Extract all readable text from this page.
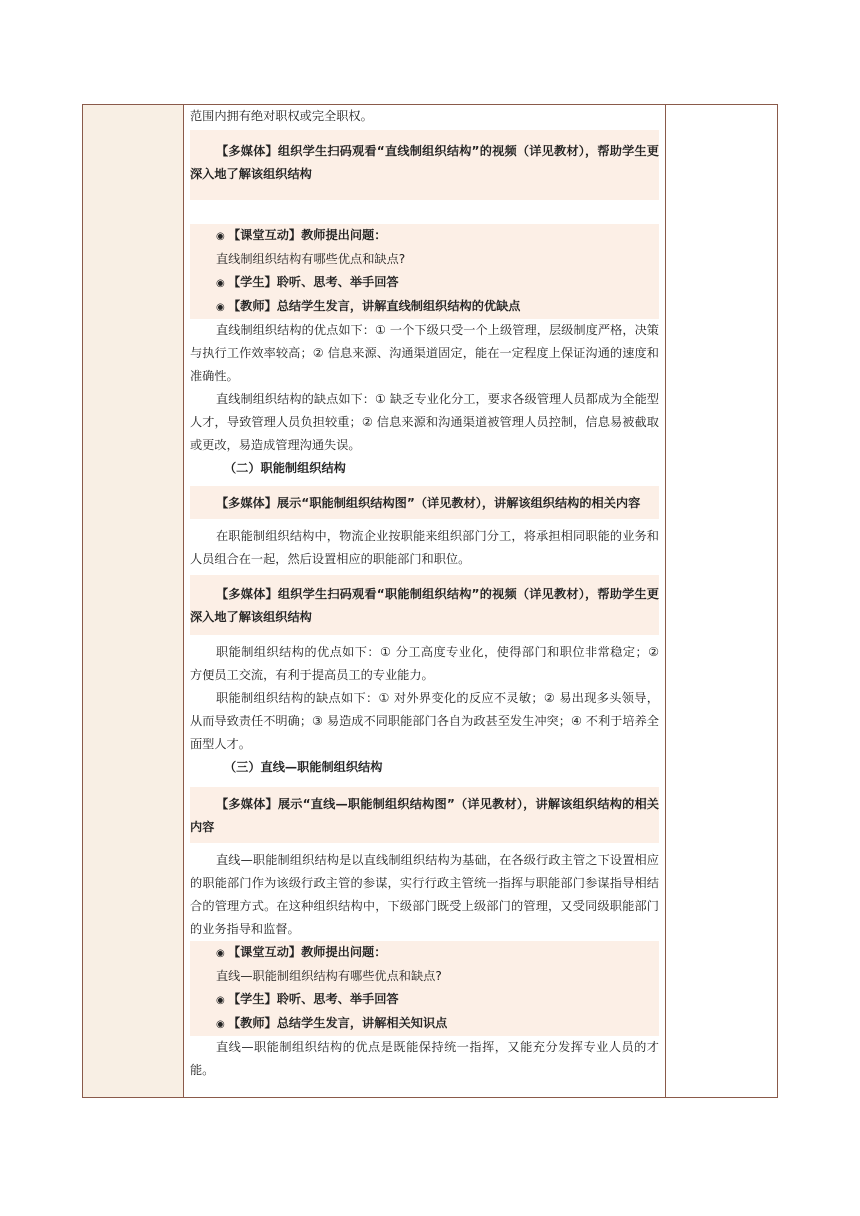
范围内拥有绝对职权或完全职权。

【多媒体】组织学生扫码观看“直线制组织结构”的视频（详见教材），帮助学生更深入地了解该组织结构

◉ 【课堂互动】教师提出问题：
直线制组织结构有哪些优点和缺点?
◉ 【学生】聆听、思考、举手回答
◉ 【教师】总结学生发言，讲解直线制组织结构的优缺点

直线制组织结构的优点如下：① 一个下级只受一个上级管理，层级制度严格，决策与执行工作效率较高；② 信息来源、沟通渠道固定，能在一定程度上保证沟通的速度和准确性。

直线制组织结构的缺点如下：① 缺乏专业化分工，要求各级管理人员都成为全能型人才，导致管理人员负担较重；② 信息来源和沟通渠道被管理人员控制，信息易被截取或更改，易造成管理沟通失误。

（二）职能制组织结构

【多媒体】展示“职能制组织结构图”（详见教材），讲解该组织结构的相关内容

在职能制组织结构中，物流企业按职能来组织部门分工，将承担相同职能的业务和人员组合在一起，然后设置相应的职能部门和职位。

【多媒体】组织学生扫码观看“职能制组织结构”的视频（详见教材），帮助学生更深入地了解该组织结构

职能制组织结构的优点如下：① 分工高度专业化，使得部门和职位非常稳定；② 方便员工交流，有利于提高员工的专业能力。

职能制组织结构的缺点如下：① 对外界变化的反应不灵敏；② 易出现多头领导，从而导致责任不明确；③ 易造成不同职能部门各自为政甚至发生冲突；④ 不利于培养全面型人才。

（三）直线—职能制组织结构

【多媒体】展示“直线—职能制组织结构图”（详见教材），讲解该组织结构的相关内容

直线—职能制组织结构是以直线制组织结构为基础，在各级行政主管之下设置相应的职能部门作为该级行政主管的参谋，实行行政主管统一指挥与职能部门参谋指导相结合的管理方式。在这种组织结构中，下级部门既受上级部门的管理，又受同级职能部门的业务指导和监督。

◉ 【课堂互动】教师提出问题：
直线—职能制组织结构有哪些优点和缺点?
◉ 【学生】聆听、思考、举手回答
◉ 【教师】总结学生发言，讲解相关知识点

直线—职能制组织结构的优点是既能保持统一指挥，又能充分发挥专业人员的才能。
